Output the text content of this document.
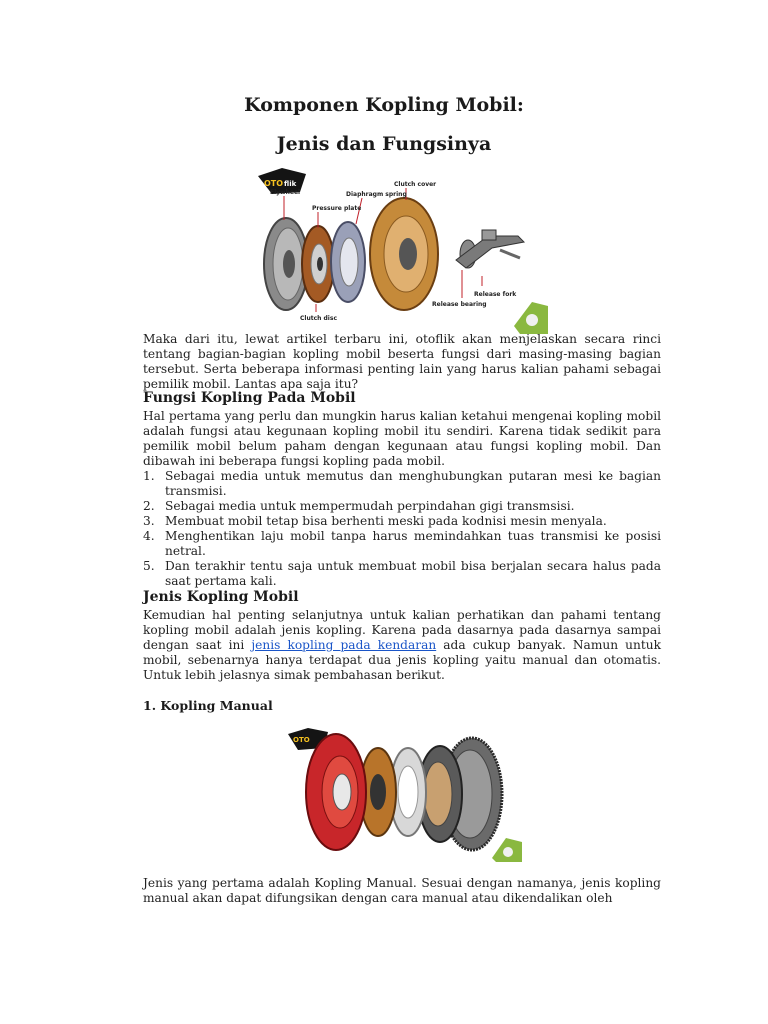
Komponen Kopling Mobil:
Jenis dan Fungsinya
OTO flik
Flywheel
Pressure plate
Diaphragm spring
Clutch cover
Clutch disc
Release fork
Release bearing

Maka dari itu, lewat artikel terbaru ini, otoflik akan menjelaskan secara rinci tentang bagian-bagian kopling mobil beserta fungsi dari masing-masing bagian tersebut. Serta beberapa informasi penting lain yang harus kalian pahami sebagai pemilik mobil. Lantas apa saja itu?

Fungsi Kopling Pada Mobil

Hal pertama yang perlu dan mungkin harus kalian ketahui mengenai kopling mobil adalah fungsi atau kegunaan kopling mobil itu sendiri. Karena tidak sedikit para pemilik mobil belum paham dengan kegunaan atau fungsi kopling mobil. Dan dibawah ini beberapa fungsi kopling pada mobil.

1. Sebagai media untuk memutus dan menghubungkan putaran mesi ke bagian transmisi.
2. Sebagai media untuk mempermudah perpindahan gigi transmsisi.
3. Membuat mobil tetap bisa berhenti meski pada kodnisi mesin menyala.
4. Menghentikan laju mobil tanpa harus memindahkan tuas transmisi ke posisi netral.
5. Dan terakhir tentu saja untuk membuat mobil bisa berjalan secara halus pada saat pertama kali.
Jenis Kopling Mobil

Kemudian hal penting selanjutnya untuk kalian perhatikan dan pahami tentang kopling mobil adalah jenis kopling. Karena pada dasarnya pada dasarnya sampai dengan saat ini jenis kopling pada kendaran ada cukup banyak. Namun untuk mobil, sebenarnya hanya terdapat dua jenis kopling yaitu manual dan otomatis. Untuk lebih jelasnya simak pembahasan berikut.

1. Kopling Manual
OTO

Jenis yang pertama adalah Kopling Manual. Sesuai dengan namanya, jenis kopling manual akan dapat difungsikan dengan cara manual atau dikendalikan oleh
